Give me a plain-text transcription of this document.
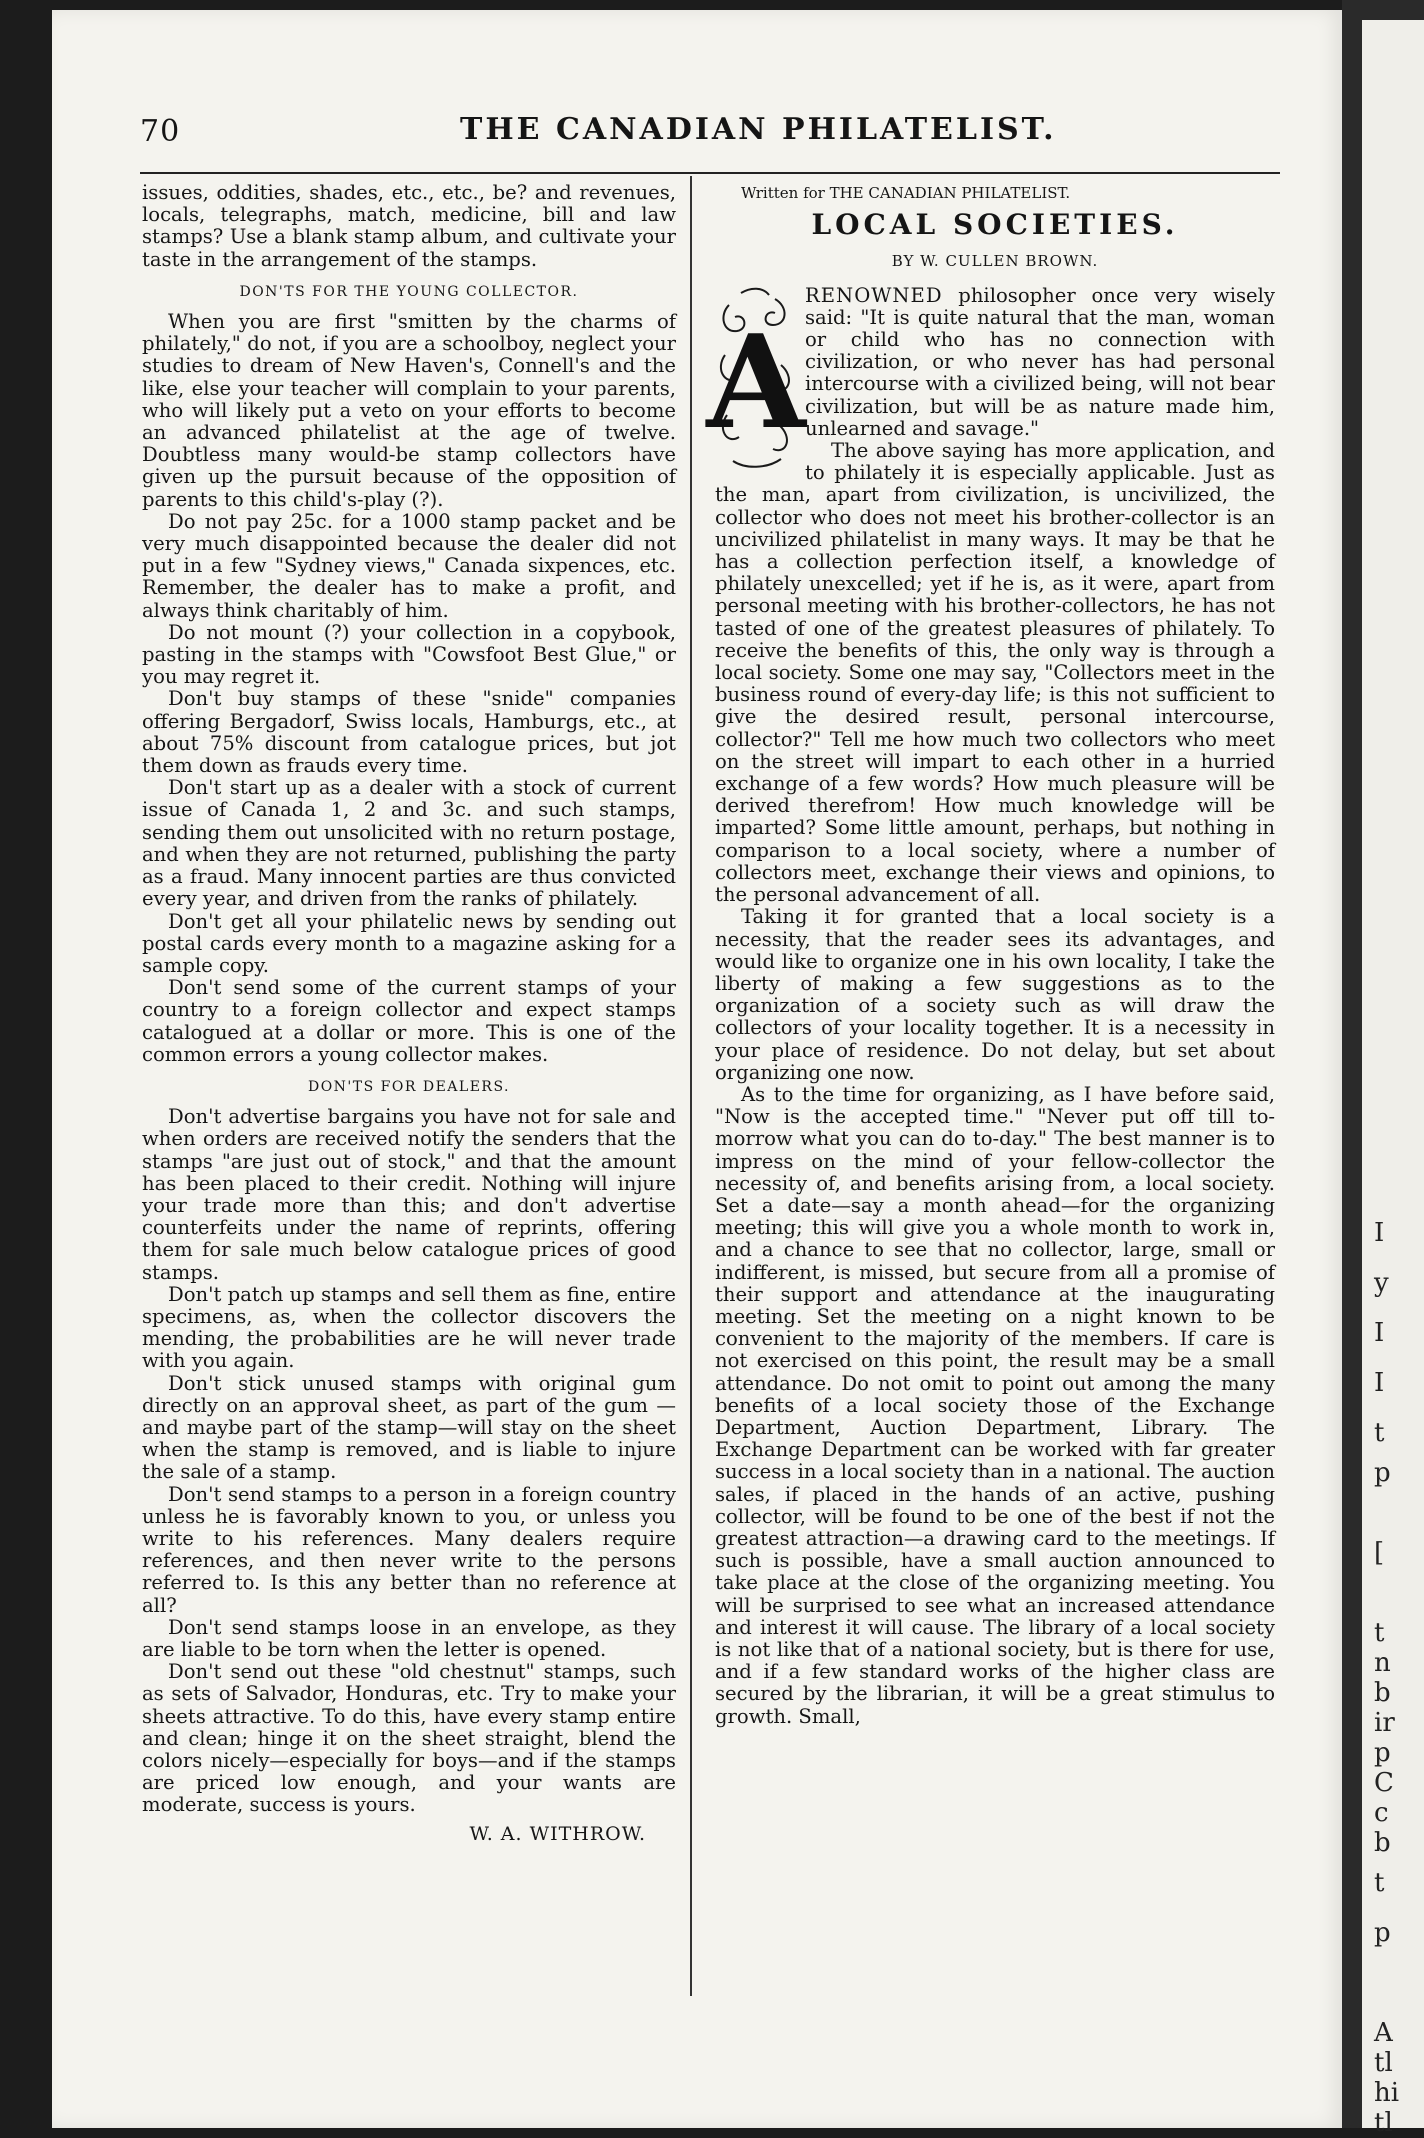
I
y
I
I
t
p
[
t
n
b
ir
p
C
c
b
t
p
A
tl
hi
tl
70	THE CANADIAN PHILATELIST.

issues, oddities, shades, etc., etc., be? and revenues, locals, telegraphs, match, medicine, bill and law stamps? Use a blank stamp album, and cultivate your taste in the arrangement of the stamps.

DON'TS FOR THE YOUNG COLLECTOR.

When you are first "smitten by the charms of philately," do not, if you are a schoolboy, neglect your studies to dream of New Haven's, Connell's and the like, else your teacher will complain to your parents, who will likely put a veto on your efforts to become an advanced philatelist at the age of twelve. Doubtless many would-be stamp collectors have given up the pursuit because of the opposition of parents to this child's-play (?).

Do not pay 25c. for a 1000 stamp packet and be very much disappointed because the dealer did not put in a few "Sydney views," Canada sixpences, etc. Remember, the dealer has to make a profit, and always think charitably of him.

Do not mount (?) your collection in a copybook, pasting in the stamps with "Cowsfoot Best Glue," or you may regret it.

Don't buy stamps of these "snide" companies offering Bergadorf, Swiss locals, Hamburgs, etc., at about 75% discount from catalogue prices, but jot them down as frauds every time.

Don't start up as a dealer with a stock of current issue of Canada 1, 2 and 3c. and such stamps, sending them out unsolicited with no return postage, and when they are not returned, publishing the party as a fraud. Many innocent parties are thus convicted every year, and driven from the ranks of philately.

Don't get all your philatelic news by sending out postal cards every month to a magazine asking for a sample copy.

Don't send some of the current stamps of your country to a foreign collector and expect stamps catalogued at a dollar or more. This is one of the common errors a young collector makes.

DON'TS FOR DEALERS.

Don't advertise bargains you have not for sale and when orders are received notify the senders that the stamps "are just out of stock," and that the amount has been placed to their credit. Nothing will injure your trade more than this; and don't advertise counterfeits under the name of reprints, offering them for sale much below catalogue prices of good stamps.

Don't patch up stamps and sell them as fine, entire specimens, as, when the collector discovers the mending, the probabilities are he will never trade with you again.

Don't stick unused stamps with original gum directly on an approval sheet, as part of the gum —and maybe part of the stamp—will stay on the sheet when the stamp is removed, and is liable to injure the sale of a stamp.

Don't send stamps to a person in a foreign country unless he is favorably known to you, or unless you write to his references. Many dealers require references, and then never write to the persons referred to. Is this any better than no reference at all?

Don't send stamps loose in an envelope, as they are liable to be torn when the letter is opened.

Don't send out these "old chestnut" stamps, such as sets of Salvador, Honduras, etc. Try to make your sheets attractive. To do this, have every stamp entire and clean; hinge it on the sheet straight, blend the colors nicely—especially for boys—and if the stamps are priced low enough, and your wants are moderate, success is yours.

W. A. WITHROW.

Written for THE CANADIAN PHILATELIST.

LOCAL SOCIETIES.
BY W. CULLEN BROWN.
A

RENOWNED philosopher once very wisely said: "It is quite natural that the man, woman or child who has no connection with civilization, or who never has had personal intercourse with a civilized being, will not bear civilization, but will be as nature made him, unlearned and savage."

The above saying has more application, and to philately it is especially applicable. Just as the man, apart from civilization, is uncivilized, the collector who does not meet his brother-collector is an uncivilized philatelist in many ways. It may be that he has a collection perfection itself, a knowledge of philately unexcelled; yet if he is, as it were, apart from personal meeting with his brother-collectors, he has not tasted of one of the greatest pleasures of philately. To receive the benefits of this, the only way is through a local society. Some one may say, "Collectors meet in the business round of every-day life; is this not sufficient to give the desired result, personal intercourse, collector?" Tell me how much two collectors who meet on the street will impart to each other in a hurried exchange of a few words? How much pleasure will be derived therefrom! How much knowledge will be imparted? Some little amount, perhaps, but nothing in comparison to a local society, where a number of collectors meet, exchange their views and opinions, to the personal advancement of all.

Taking it for granted that a local society is a necessity, that the reader sees its advantages, and would like to organize one in his own locality, I take the liberty of making a few suggestions as to the organization of a society such as will draw the collectors of your locality together. It is a necessity in your place of residence. Do not delay, but set about organizing one now.

As to the time for organizing, as I have before said, "Now is the accepted time." "Never put off till to-morrow what you can do to-day." The best manner is to impress on the mind of your fellow-collector the necessity of, and benefits arising from, a local society. Set a date—say a month ahead—for the organizing meeting; this will give you a whole month to work in, and a chance to see that no collector, large, small or indifferent, is missed, but secure from all a promise of their support and attendance at the inaugurating meeting. Set the meeting on a night known to be convenient to the majority of the members. If care is not exercised on this point, the result may be a small attendance. Do not omit to point out among the many benefits of a local society those of the Exchange Department, Auction Department, Library. The Exchange Department can be worked with far greater success in a local society than in a national. The auction sales, if placed in the hands of an active, pushing collector, will be found to be one of the best if not the greatest attraction—a drawing card to the meetings. If such is possible, have a small auction announced to take place at the close of the organizing meeting. You will be surprised to see what an increased attendance and interest it will cause. The library of a local society is not like that of a national society, but is there for use, and if a few standard works of the higher class are secured by the librarian, it will be a great stimulus to growth. Small,
